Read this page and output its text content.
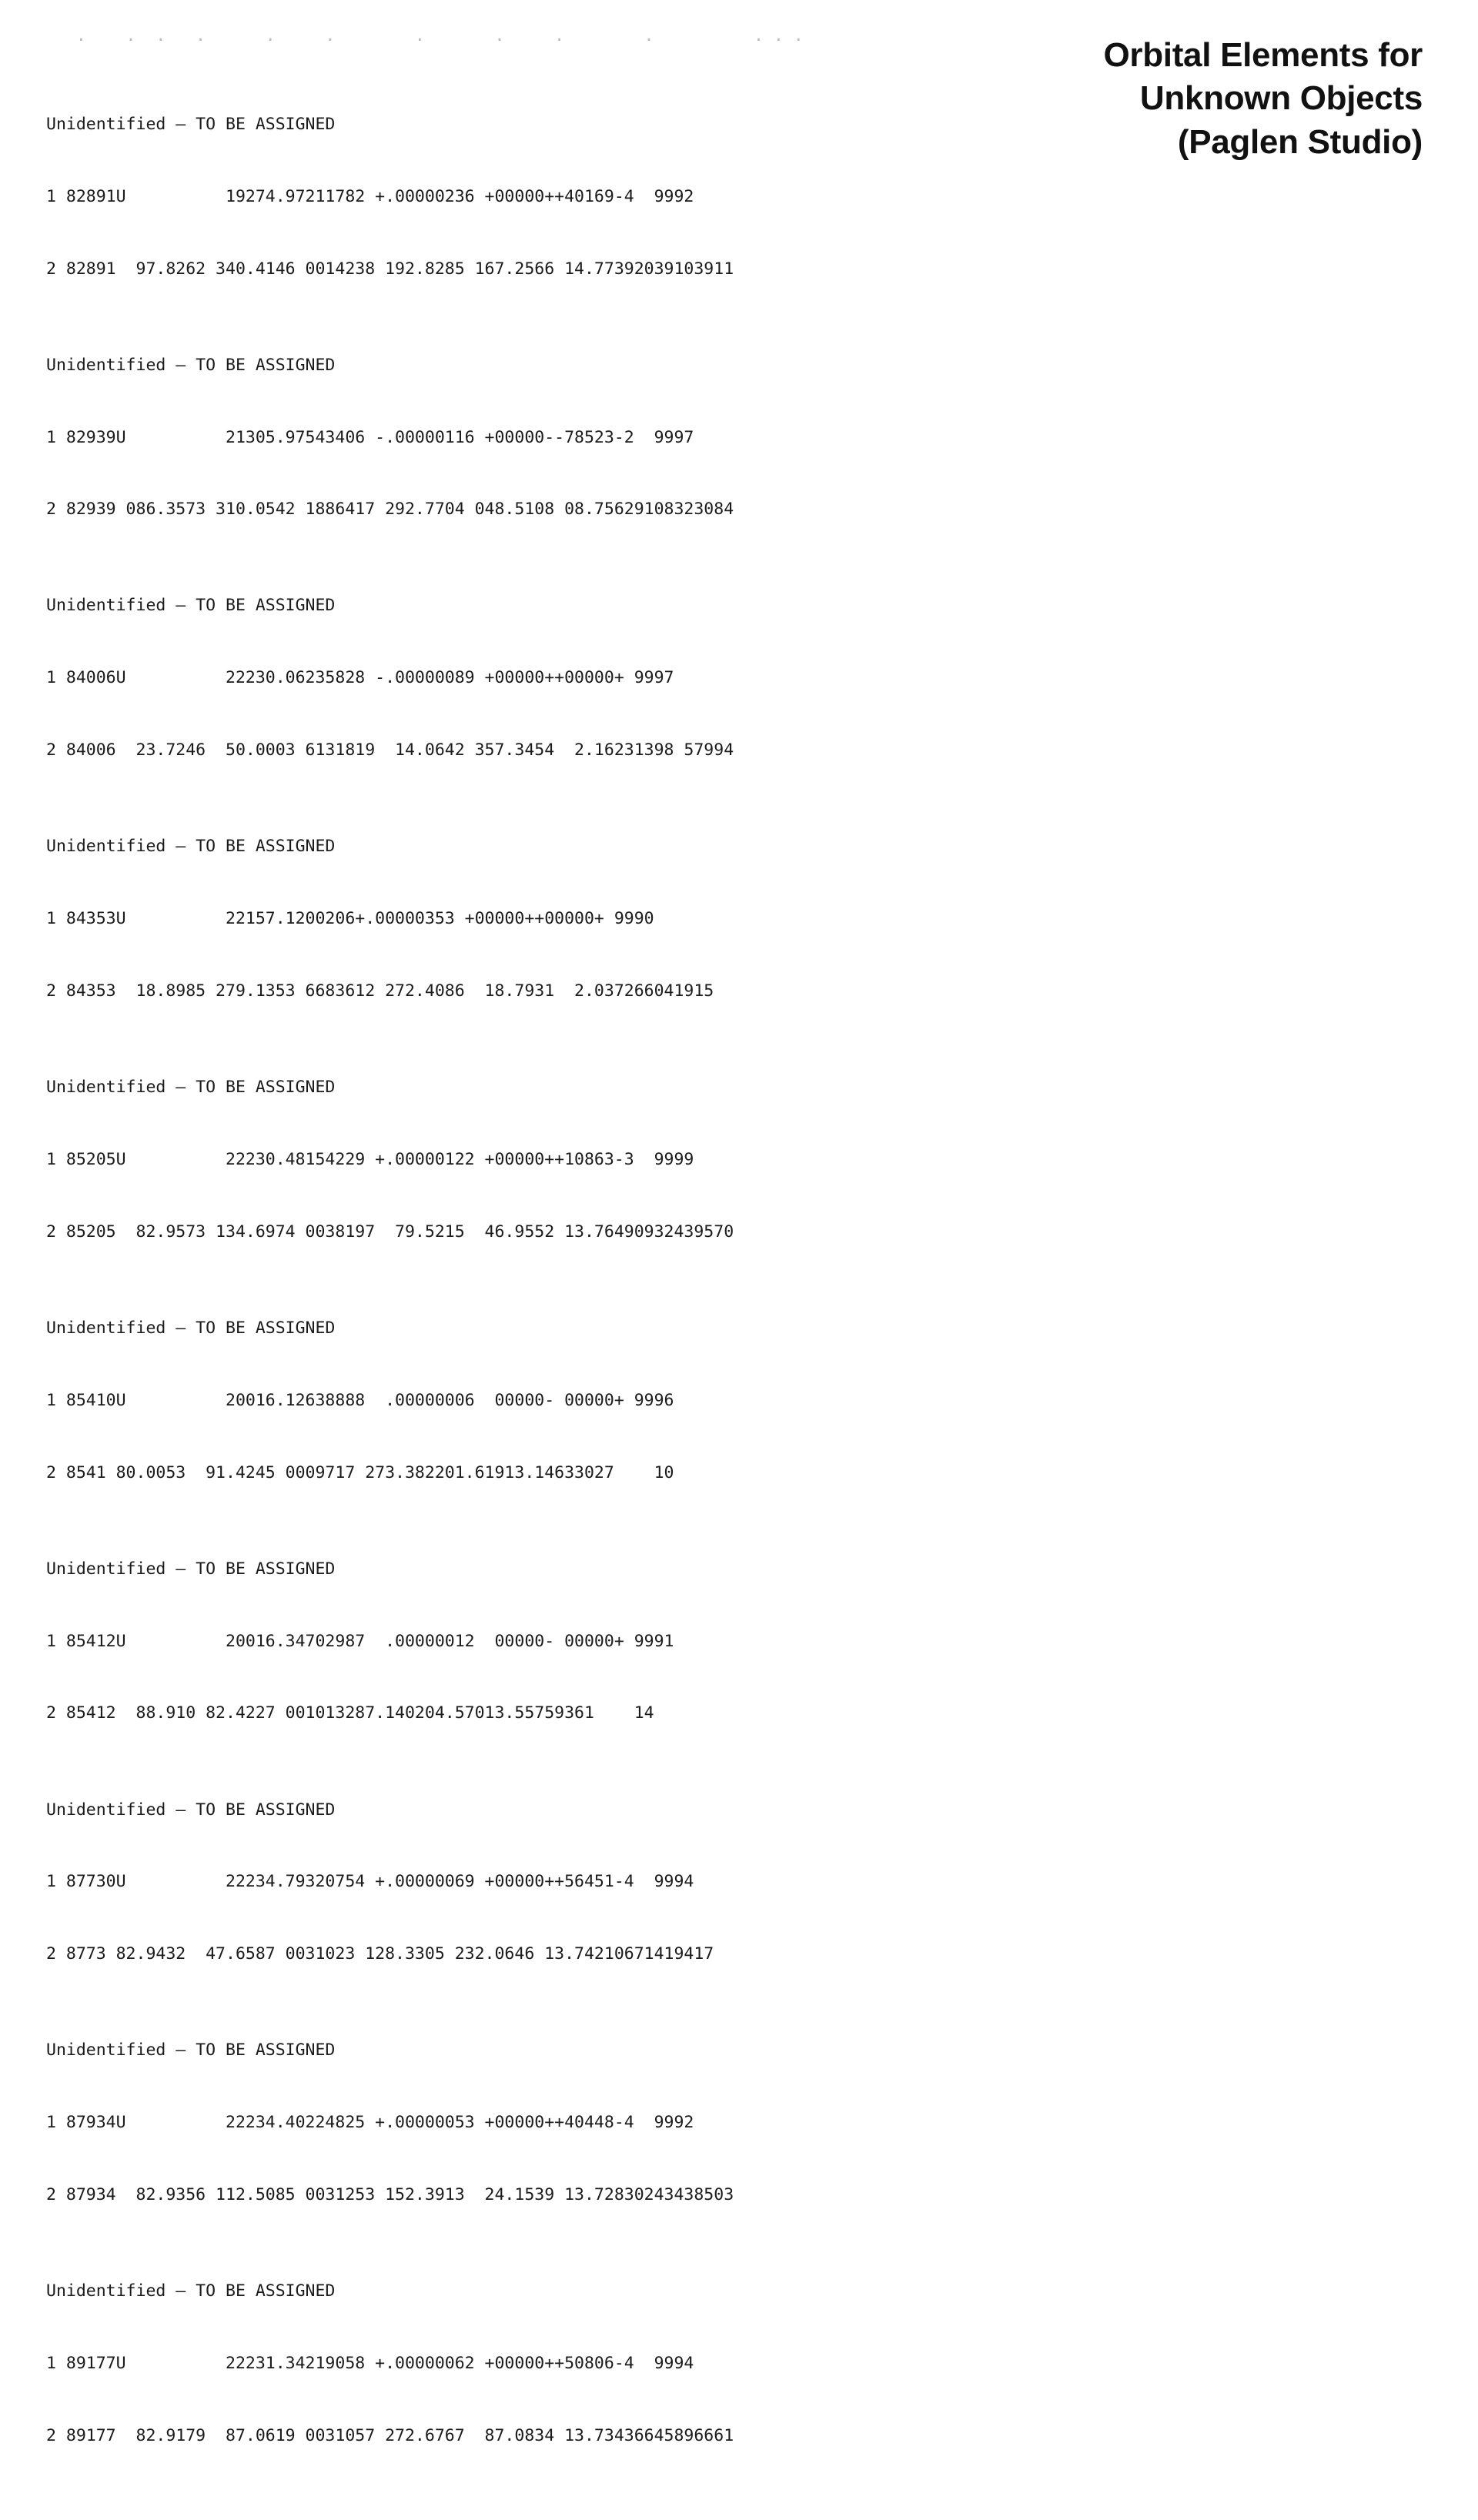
.    .  .   .      .     .        .       .     .        .          . . .

Unidentified — TO BE ASSIGNED

1 82891U          19274.97211782 +.00000236 +00000++40169-4  9992

2 82891  97.8262 340.4146 0014238 192.8285 167.2566 14.77392039103911

Unidentified — TO BE ASSIGNED

1 82939U          21305.97543406 -.00000116 +00000--78523-2  9997

2 82939 086.3573 310.0542 1886417 292.7704 048.5108 08.75629108323084

Unidentified — TO BE ASSIGNED

1 84006U          22230.06235828 -.00000089 +00000++00000+ 9997

2 84006  23.7246  50.0003 6131819  14.0642 357.3454  2.16231398 57994

Unidentified — TO BE ASSIGNED

1 84353U          22157.1200206+.00000353 +00000++00000+ 9990

2 84353  18.8985 279.1353 6683612 272.4086  18.7931  2.037266041915

Unidentified — TO BE ASSIGNED

1 85205U          22230.48154229 +.00000122 +00000++10863-3  9999

2 85205  82.9573 134.6974 0038197  79.5215  46.9552 13.76490932439570

Unidentified — TO BE ASSIGNED

1 85410U          20016.12638888  .00000006  00000- 00000+ 9996

2 8541 80.0053  91.4245 0009717 273.382201.61913.14633027    10

Unidentified — TO BE ASSIGNED

1 85412U          20016.34702987  .00000012  00000- 00000+ 9991

2 85412  88.910 82.4227 001013287.140204.57013.55759361    14

Unidentified — TO BE ASSIGNED

1 87730U          22234.79320754 +.00000069 +00000++56451-4  9994

2 8773 82.9432  47.6587 0031023 128.3305 232.0646 13.74210671419417

Unidentified — TO BE ASSIGNED

1 87934U          22234.40224825 +.00000053 +00000++40448-4  9992

2 87934  82.9356 112.5085 0031253 152.3913  24.1539 13.72830243438503

Unidentified — TO BE ASSIGNED

1 89177U          22231.34219058 +.00000062 +00000++50806-4  9994

2 89177  82.9179  87.0619 0031057 272.6767  87.0834 13.73436645896661

Orbital Elements for
Unknown Objects
(Paglen Studio)
